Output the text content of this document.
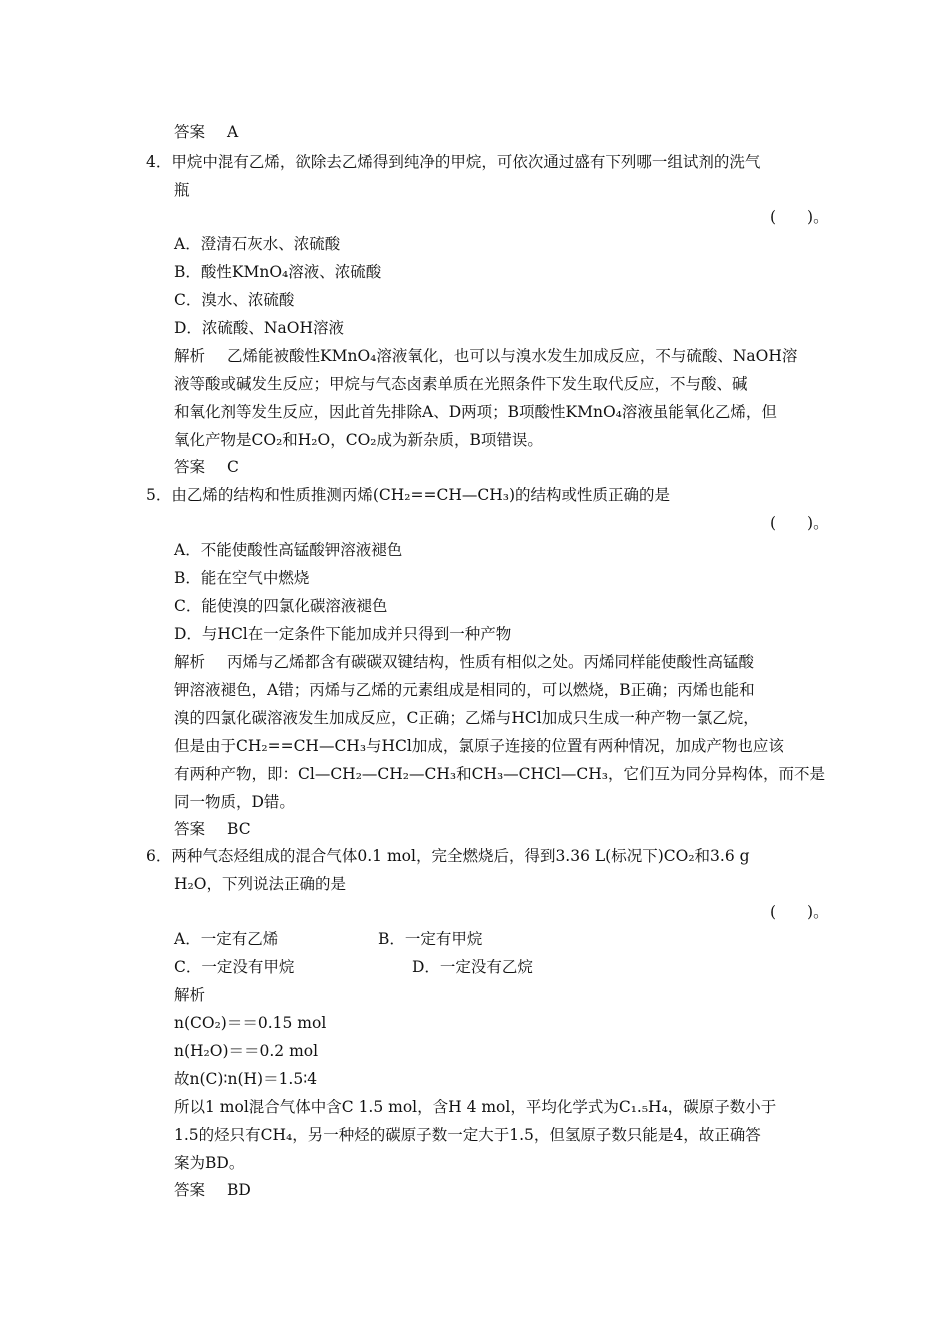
答案 A
4．甲烷中混有乙烯，欲除去乙烯得到纯净的甲烷，可依次通过盛有下列哪一组试剂的洗气
瓶
(　　)。
A．澄清石灰水、浓硫酸
B．酸性KMnO₄溶液、浓硫酸
C．溴水、浓硫酸
D．浓硫酸、NaOH溶液
解析 乙烯能被酸性KMnO₄溶液氧化，也可以与溴水发生加成反应，不与硫酸、NaOH溶
液等酸或碱发生反应；甲烷与气态卤素单质在光照条件下发生取代反应，不与酸、碱
和氧化剂等发生反应，因此首先排除A、D两项；B项酸性KMnO₄溶液虽能氧化乙烯，但
氧化产物是CO₂和H₂O，CO₂成为新杂质，B项错误。
答案 C
5．由乙烯的结构和性质推测丙烯(CH₂==CH—CH₃)的结构或性质正确的是
(　　)。
A．不能使酸性高锰酸钾溶液褪色
B．能在空气中燃烧
C．能使溴的四氯化碳溶液褪色
D．与HCl在一定条件下能加成并只得到一种产物
解析 丙烯与乙烯都含有碳碳双键结构，性质有相似之处。丙烯同样能使酸性高锰酸
钾溶液褪色，A错；丙烯与乙烯的元素组成是相同的，可以燃烧，B正确；丙烯也能和
溴的四氯化碳溶液发生加成反应，C正确；乙烯与HCl加成只生成一种产物一氯乙烷，
但是由于CH₂==CH—CH₃与HCl加成，氯原子连接的位置有两种情况，加成产物也应该
有两种产物，即：Cl—CH₂—CH₂—CH₃和CH₃—CHCl—CH₃，它们互为同分异构体，而不是
同一物质，D错。
答案 BC
6．两种气态烃组成的混合气体0.1 mol，完全燃烧后，得到3.36 L(标况下)CO₂和3.6 g
H₂O，下列说法正确的是
(　　)。
A．一定有乙烯	B．一定有甲烷
C．一定没有甲烷	D．一定没有乙烷
解析
n(CO₂)＝＝0.15 mol
n(H₂O)＝＝0.2 mol
故n(C)∶n(H)＝1.5∶4
所以1 mol混合气体中含C 1.5 mol，含H 4 mol，平均化学式为C₁.₅H₄，碳原子数小于
1.5的烃只有CH₄，另一种烃的碳原子数一定大于1.5，但氢原子数只能是4，故正确答
案为BD。
答案 BD
